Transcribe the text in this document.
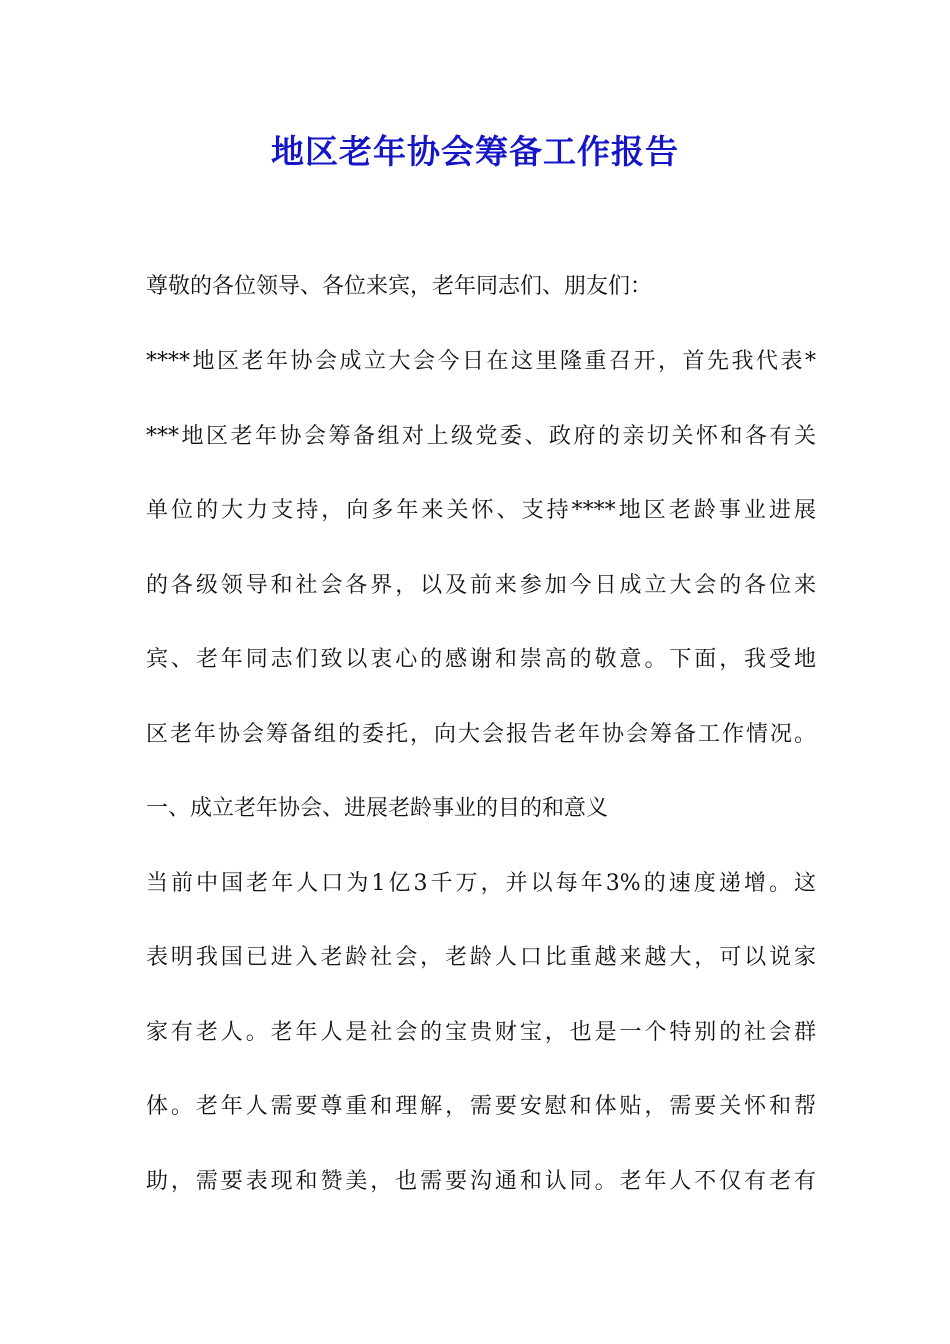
地区老年协会筹备工作报告

尊敬的各位领导、各位来宾，老年同志们、朋友们：

****地区老年协会成立大会今日在这里隆重召开，首先我代表*

***地区老年协会筹备组对上级党委、政府的亲切关怀和各有关

单位的大力支持，向多年来关怀、支持****地区老龄事业进展

的各级领导和社会各界，以及前来参加今日成立大会的各位来

宾、老年同志们致以衷心的感谢和崇高的敬意。下面，我受地

区老年协会筹备组的委托，向大会报告老年协会筹备工作情况。

一、成立老年协会、进展老龄事业的目的和意义

当前中国老年人口为1亿3千万，并以每年3%的速度递增。这

表明我国已进入老龄社会，老龄人口比重越来越大，可以说家

家有老人。老年人是社会的宝贵财宝，也是一个特别的社会群

体。老年人需要尊重和理解，需要安慰和体贴，需要关怀和帮

助，需要表现和赞美，也需要沟通和认同。老年人不仅有老有
